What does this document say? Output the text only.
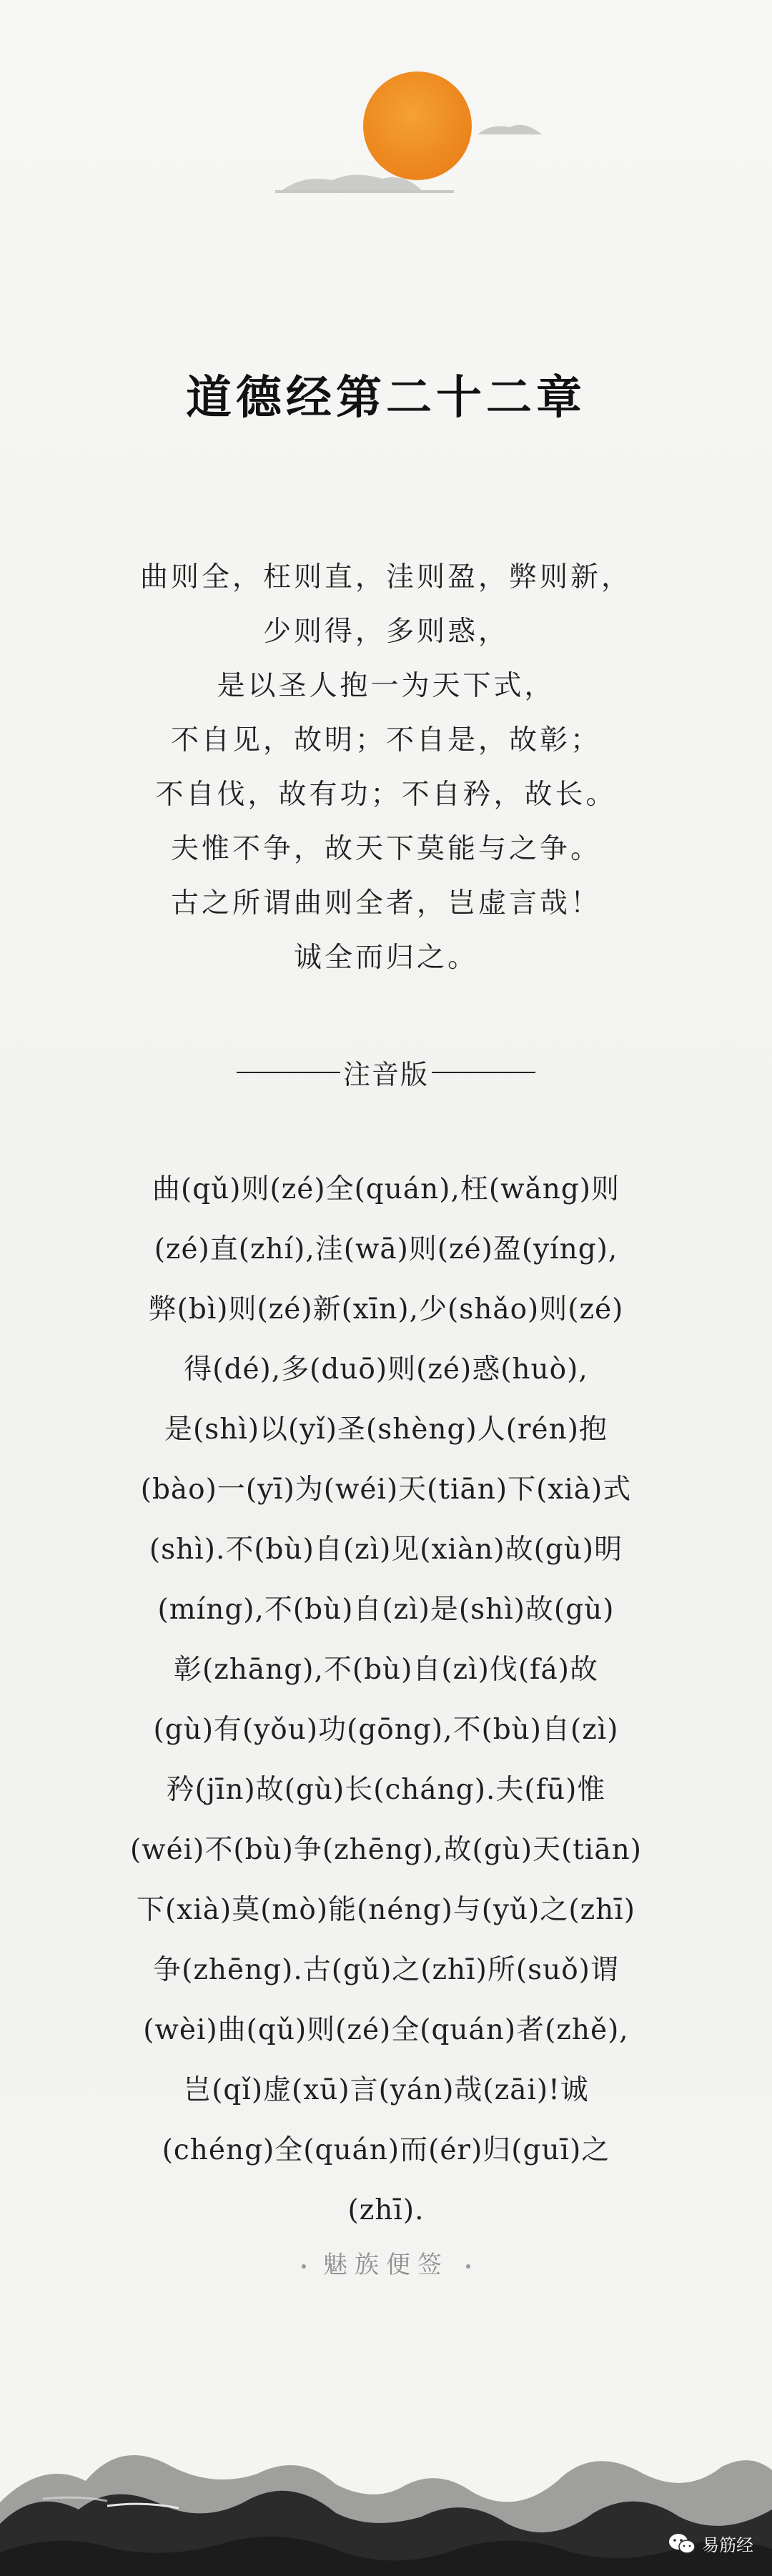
道德经第二十二章
曲则全，枉则直，洼则盈，弊则新，
少则得，多则惑，
是以圣人抱一为天下式，
不自见，故明；不自是，故彰；
不自伐，故有功；不自矜，故长。
夫惟不争，故天下莫能与之争。
古之所谓曲则全者，岂虚言哉！
诚全而归之。
注音版
曲(qǔ)则(zé)全(quán),枉(wǎng)则
(zé)直(zhí),洼(wā)则(zé)盈(yíng),
弊(bì)则(zé)新(xīn),少(shǎo)则(zé)
得(dé),多(duō)则(zé)惑(huò),
是(shì)以(yǐ)圣(shèng)人(rén)抱
(bào)一(yī)为(wéi)天(tiān)下(xià)式
(shì).不(bù)自(zì)见(xiàn)故(gù)明
(míng),不(bù)自(zì)是(shì)故(gù)
彰(zhāng),不(bù)自(zì)伐(fá)故
(gù)有(yǒu)功(gōng),不(bù)自(zì)
矜(jīn)故(gù)长(cháng).夫(fū)惟
(wéi)不(bù)争(zhēng),故(gù)天(tiān)
下(xià)莫(mò)能(néng)与(yǔ)之(zhī)
争(zhēng).古(gǔ)之(zhī)所(suǒ)谓
(wèi)曲(qǔ)则(zé)全(quán)者(zhě),
岂(qǐ)虚(xū)言(yán)哉(zāi)!诚
(chéng)全(quán)而(ér)归(guī)之
(zhī).
魅族便签
易筋经
